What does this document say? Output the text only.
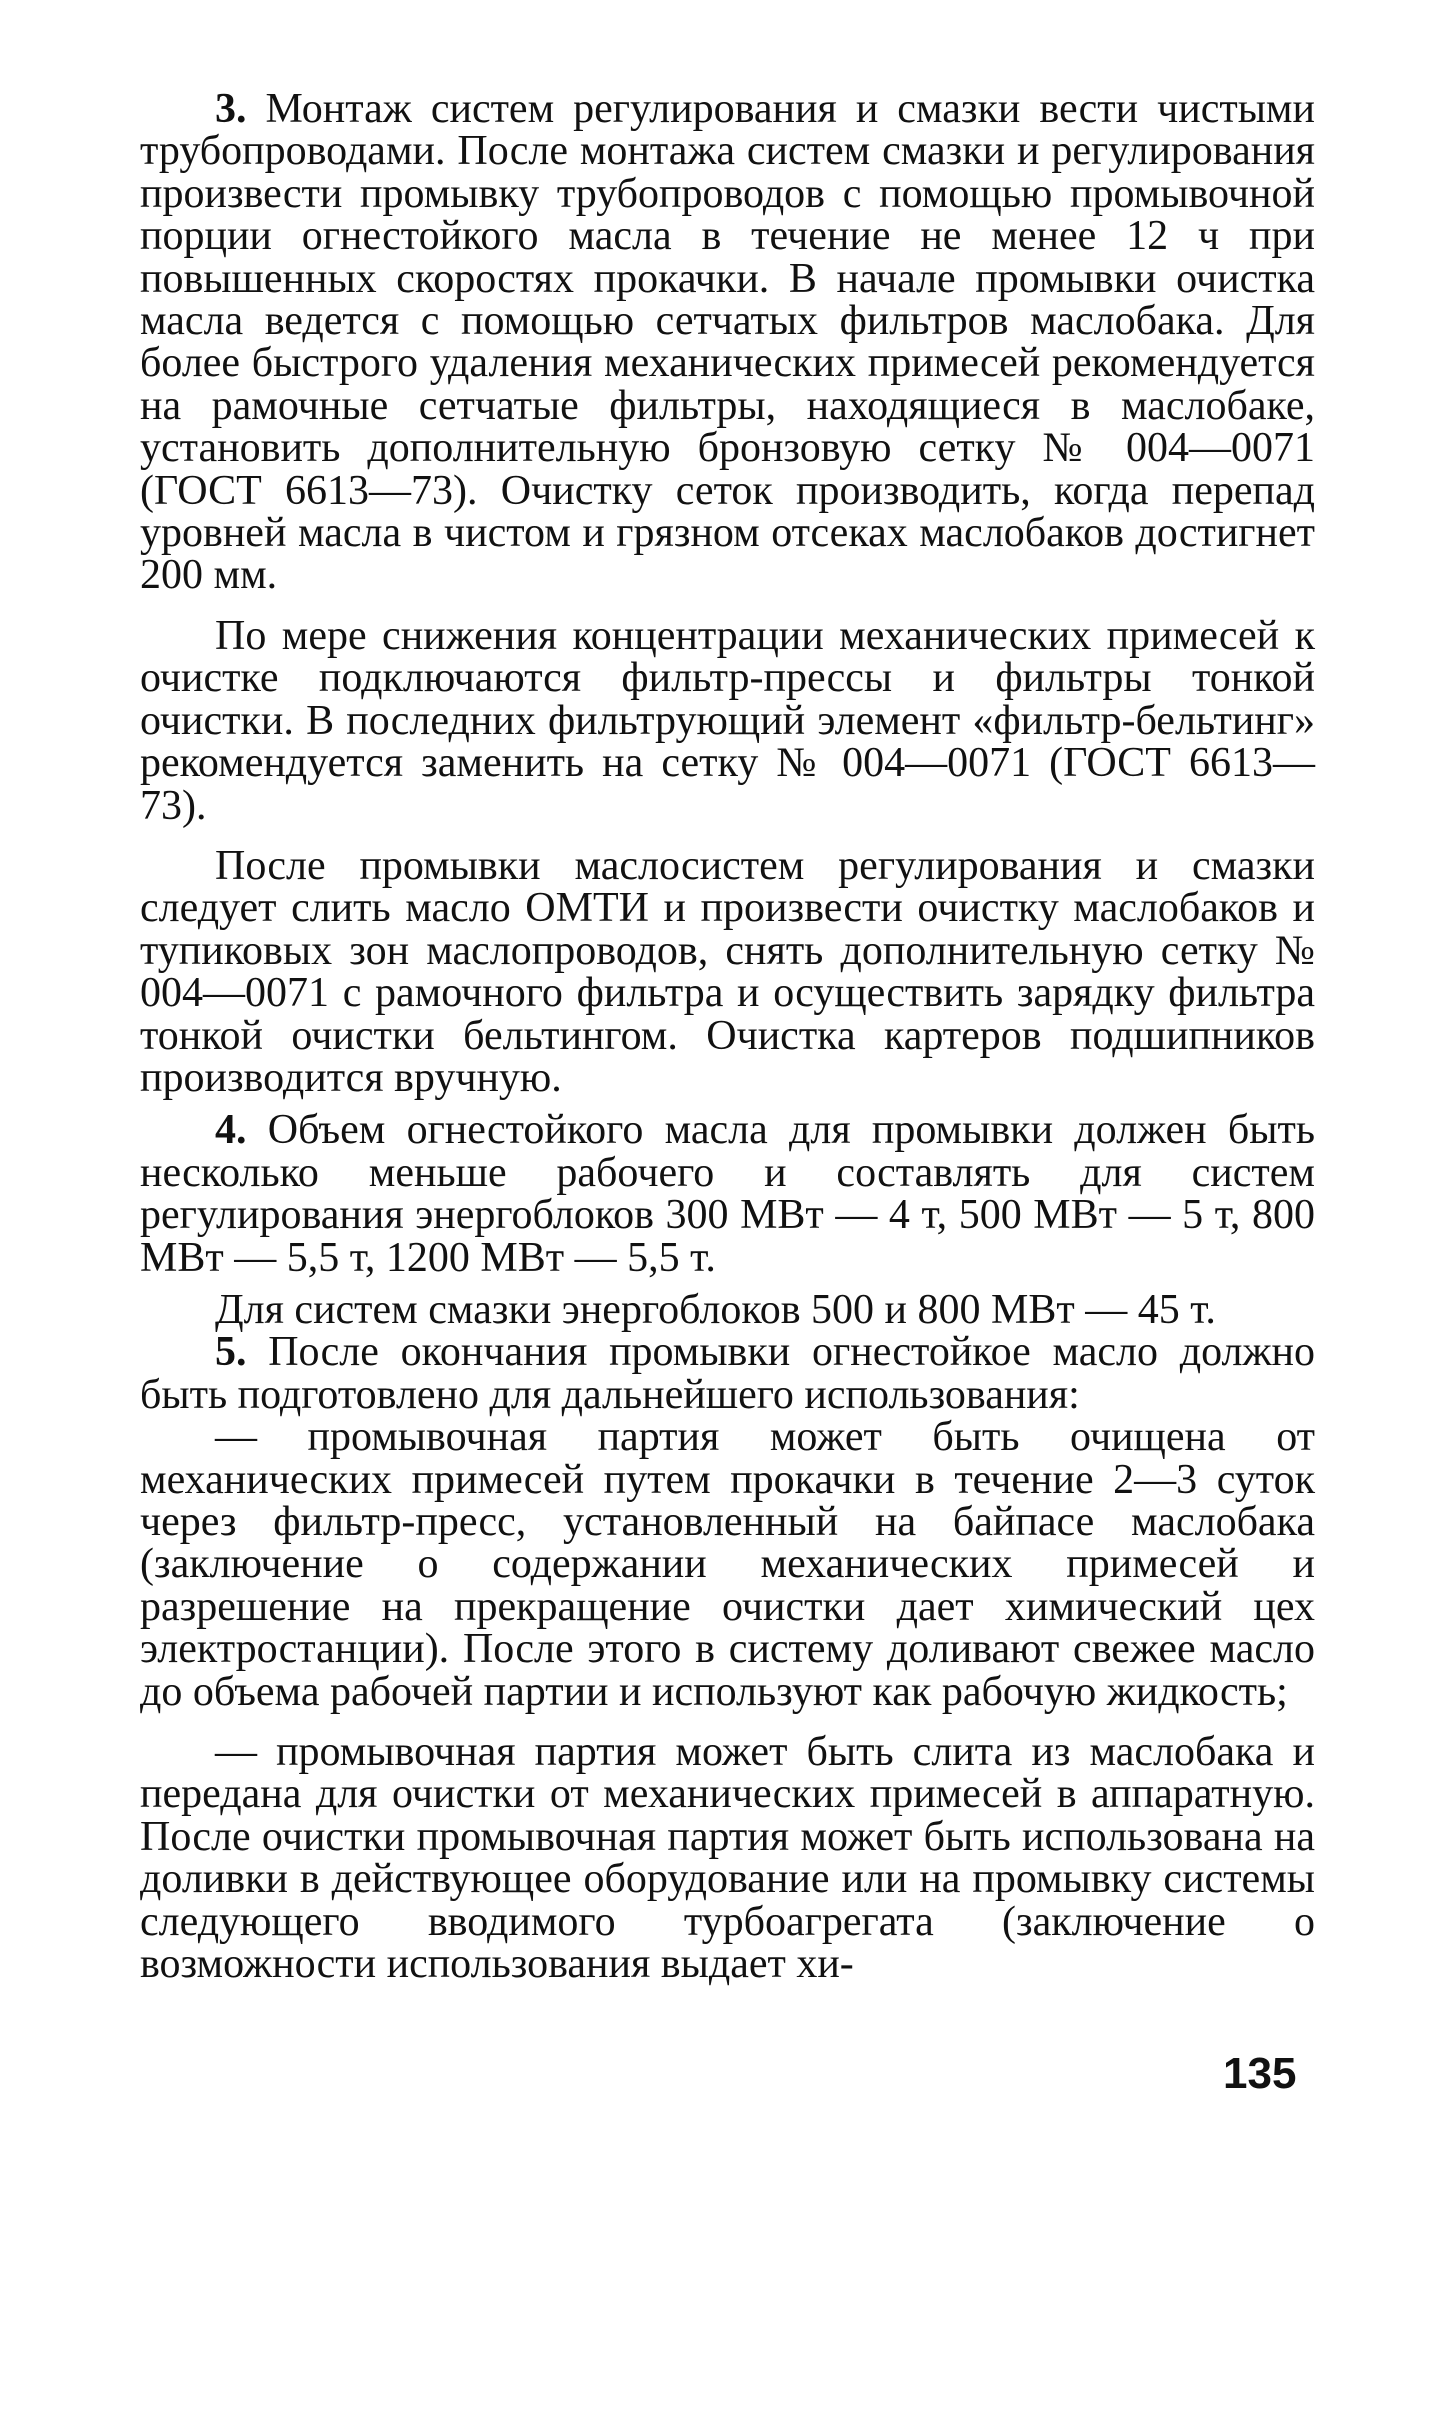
3. Монтаж систем регулирования и смазки вести чистыми трубопроводами. После монтажа систем смазки и регулирования произвести промывку трубопроводов с помощью промывочной порции огнестойкого масла в течение не менее 12 ч при повышенных скоростях прокачки. В начале промывки очистка масла ведется с помощью сетчатых фильтров маслобака. Для более быстрого удаления механических примесей рекомендуется на рамочные сетчатые фильтры, находящиеся в маслобаке, установить дополнительную бронзовую сетку № 004—0071 (ГОСТ 6613—73). Очистку сеток производить, когда перепад уровней масла в чистом и грязном отсеках маслобаков достигнет 200 мм.

По мере снижения концентрации механических примесей к очистке подключаются фильтр-прессы и фильтры тонкой очистки. В последних фильтрующий элемент «фильтр-бельтинг» рекомендуется заменить на сетку № 004—0071 (ГОСТ 6613—73).

После промывки маслосистем регулирования и смазки следует слить масло ОМТИ и произвести очистку маслобаков и тупиковых зон маслопроводов, снять дополнительную сетку № 004—0071 с рамочного фильтра и осуществить зарядку фильтра тонкой очистки бельтингом. Очистка картеров подшипников производится вручную.

4. Объем огнестойкого масла для промывки должен быть несколько меньше рабочего и составлять для систем регулирования энергоблоков 300 МВт — 4 т, 500 МВт — 5 т, 800 МВт — 5,5 т, 1200 МВт — 5,5 т.

Для систем смазки энергоблоков 500 и 800 МВт — 45 т.

5. После окончания промывки огнестойкое масло должно быть подготовлено для дальнейшего использования:

— промывочная партия может быть очищена от механических примесей путем прокачки в течение 2—3 суток через фильтр-пресс, установленный на байпасе маслобака (заключение о содержании механических примесей и разрешение на прекращение очистки дает химический цех электростанции). После этого в систему доливают свежее масло до объема рабочей партии и используют как рабочую жидкость;

— промывочная партия может быть слита из маслобака и передана для очистки от механических примесей в аппаратную. После очистки промывочная партия может быть использована на доливки в действующее оборудование или на промывку системы следующего вводимого турбоагрегата (заключение о возможности использования выдает хи-

135
